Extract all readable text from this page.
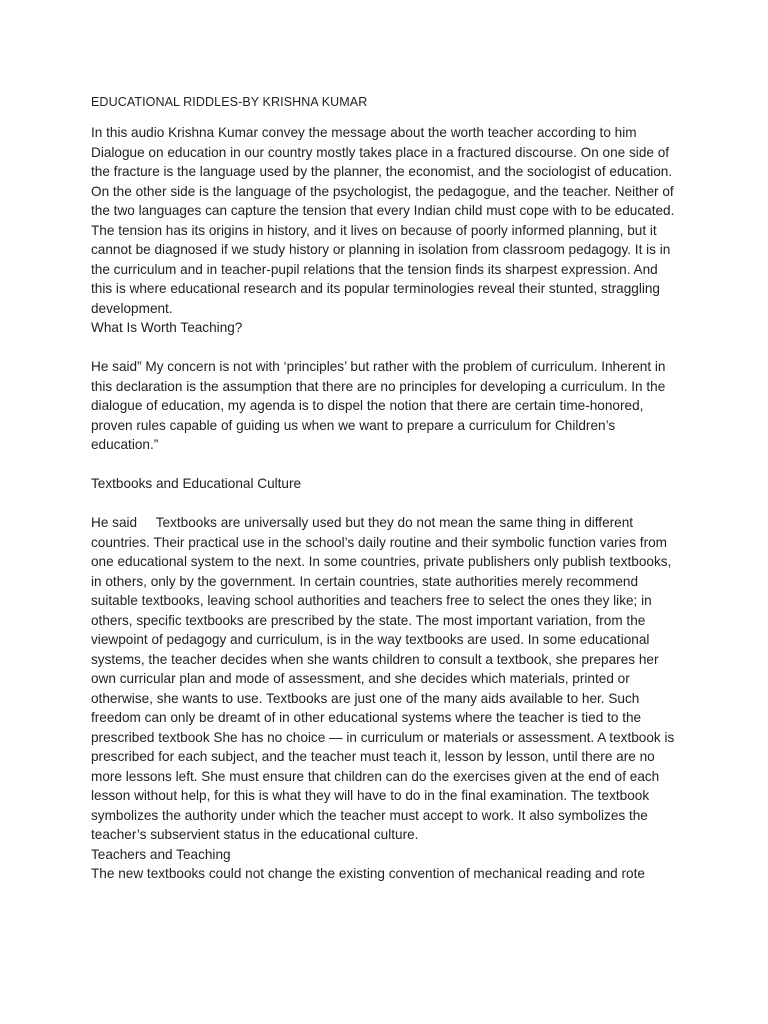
EDUCATIONAL RIDDLES-BY KRISHNA KUMAR

In this audio Krishna Kumar convey the message about the worth teacher according to him Dialogue on education in our country mostly takes place in a fractured discourse. On one side of the fracture is the language used by the planner, the economist, and the sociologist of education. On the other side is the language of the psychologist, the pedagogue, and the teacher. Neither of the two languages can capture the tension that every Indian child must cope with to be educated. The tension has its origins in history, and it lives on because of poorly informed planning, but it cannot be diagnosed if we study history or planning in isolation from classroom pedagogy. It is in the curriculum and in teacher-pupil relations that the tension finds its sharpest expression. And this is where educational research and its popular terminologies reveal their stunted, straggling development.

What Is Worth Teaching?

He said” My concern is not with ‘principles’ but rather with the problem of curriculum. Inherent in this declaration is the assumption that there are no principles for developing a curriculum. In the dialogue of education, my agenda is to dispel the notion that there are certain time-honored, proven rules capable of guiding us when we want to prepare a curriculum for Children’s education.”

Textbooks and Educational Culture

He said     Textbooks are universally used but they do not mean the same thing in different countries. Their practical use in the school’s daily routine and their symbolic function varies from one educational system to the next. In some countries, private publishers only publish textbooks, in others, only by the government. In certain countries, state authorities merely recommend suitable textbooks, leaving school authorities and teachers free to select the ones they like; in others, specific textbooks are prescribed by the state. The most important variation, from the viewpoint of pedagogy and curriculum, is in the way textbooks are used. In some educational systems, the teacher decides when she wants children to consult a textbook, she prepares her own curricular plan and mode of assessment, and she decides which materials, printed or otherwise, she wants to use. Textbooks are just one of the many aids available to her. Such freedom can only be dreamt of in other educational systems where the teacher is tied to the prescribed textbook She has no choice — in curriculum or materials or assessment. A textbook is prescribed for each subject, and the teacher must teach it, lesson by lesson, until there are no more lessons left. She must ensure that children can do the exercises given at the end of each lesson without help, for this is what they will have to do in the final examination. The textbook symbolizes the authority under which the teacher must accept to work. It also symbolizes the teacher’s subservient status in the educational culture.

Teachers and Teaching

The new textbooks could not change the existing convention of mechanical reading and rote
